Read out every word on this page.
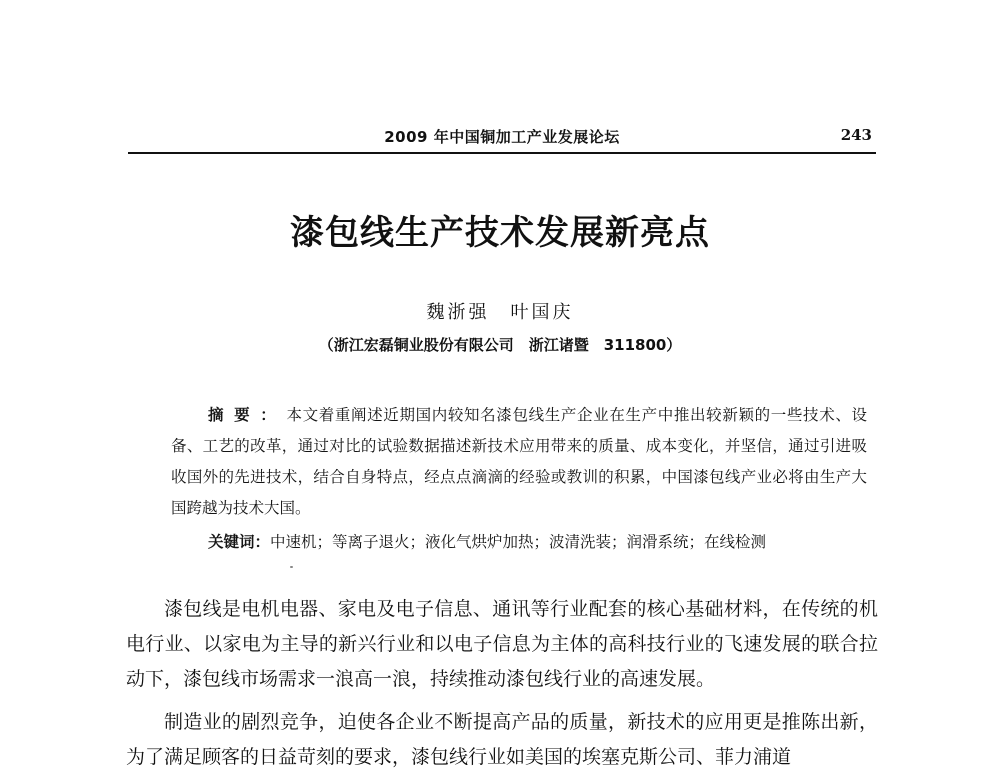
2009 年中国铜加工产业发展论坛	243
漆包线生产技术发展新亮点
魏浙强　叶国庆
（浙江宏磊铜业股份有限公司　浙江诸暨　311800）

摘要：本文着重阐述近期国内较知名漆包线生产企业在生产中推出较新颖的一些技术、设备、工艺的改革，通过对比的试验数据描述新技术应用带来的质量、成本变化，并坚信，通过引进吸收国外的先进技术，结合自身特点，经点点滴滴的经验或教训的积累，中国漆包线产业必将由生产大国跨越为技术大国。

关键词：中速机；等离子退火；液化气烘炉加热；波清洗装；润滑系统；在线检测

漆包线是电机电器、家电及电子信息、通讯等行业配套的核心基础材料，在传统的机电行业、以家电为主导的新兴行业和以电子信息为主体的高科技行业的飞速发展的联合拉动下，漆包线市场需求一浪高一浪，持续推动漆包线行业的高速发展。

制造业的剧烈竞争，迫使各企业不断提高产品的质量，新技术的应用更是推陈出新，为了满足顾客的日益苛刻的要求，漆包线行业如美国的埃塞克斯公司、菲力浦道
